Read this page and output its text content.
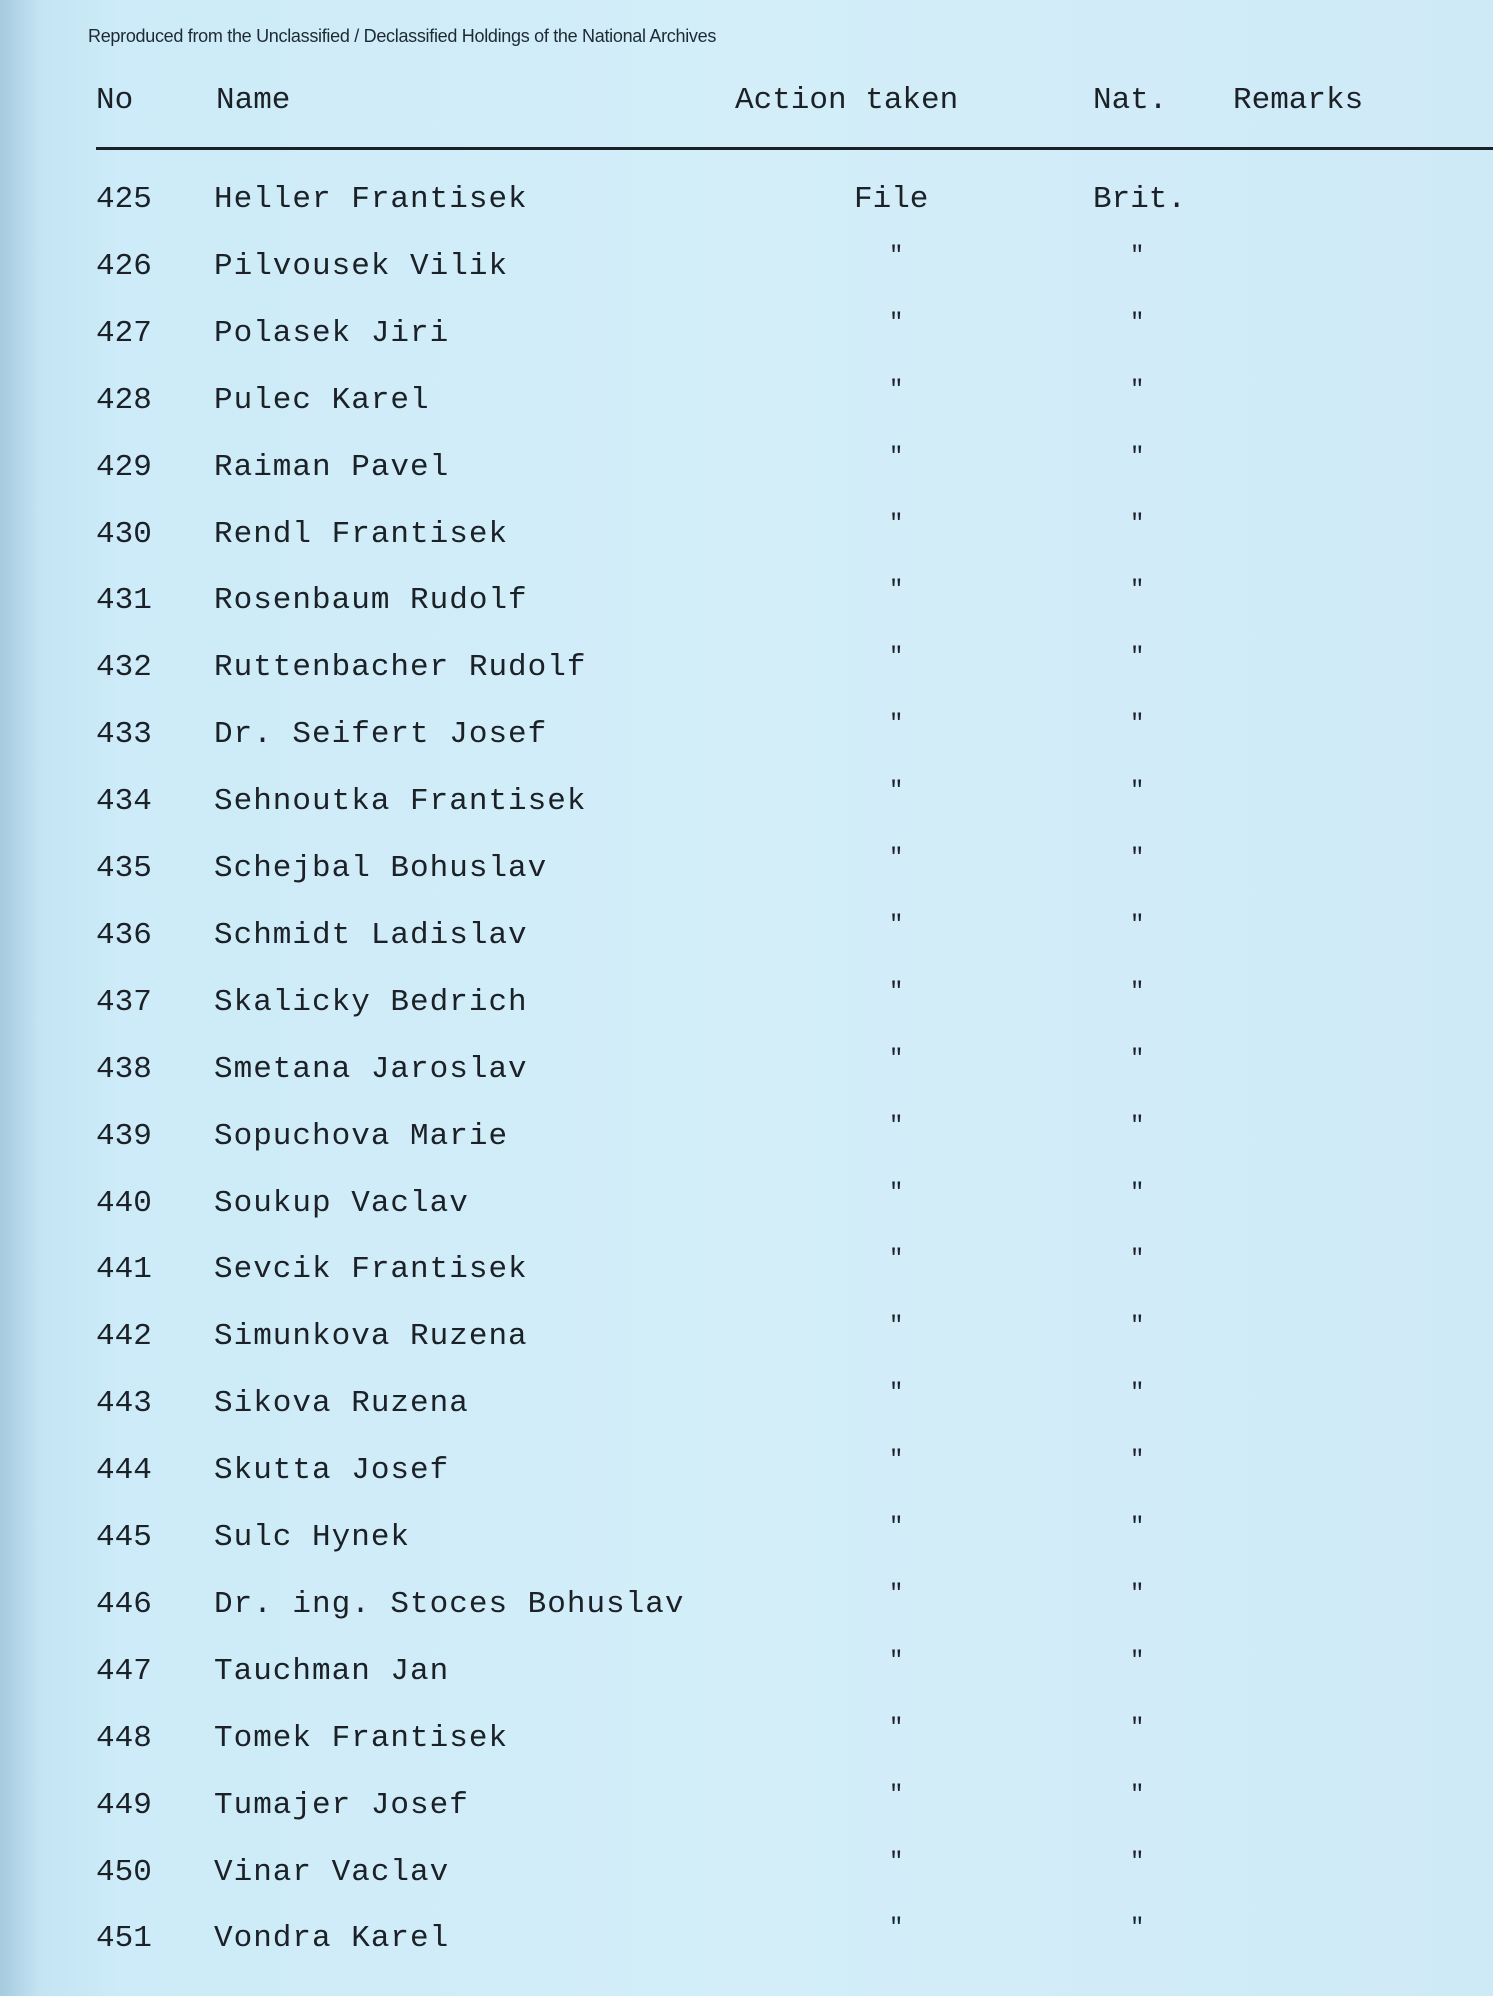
Reproduced from the Unclassified / Declassified Holdings of the National Archives
No	Name	Action taken	Nat. Remarks
425 Heller Frantisek	File	Brit.
426 Pilvousek Vilik	"	"
427 Polasek Jiri	"	"
428 Pulec Karel	"	"
429 Raiman Pavel	"	"
430 Rendl Frantisek	"	"
431 Rosenbaum Rudolf	"	"
432 Ruttenbacher Rudolf	"	"
433 Dr. Seifert Josef	"	"
434 Sehnoutka Frantisek	"	"
435 Schejbal Bohuslav	"	"
436 Schmidt Ladislav	"	"
437 Skalicky Bedrich	"	"
438 Smetana Jaroslav	"	"
439 Sopuchova Marie	"	"
440 Soukup Vaclav	"	"
441 Sevcik Frantisek	"	"
442 Simunkova Ruzena	"	"
443 Sikova Ruzena	"	"
444 Skutta Josef	"	"
445 Sulc Hynek	"	"
446 Dr. ing. Stoces Bohuslav	"	"
447 Tauchman Jan	"	"
448 Tomek Frantisek	"	"
449 Tumajer Josef	"	"
450 Vinar Vaclav	"	"
451 Vondra Karel	"	"
